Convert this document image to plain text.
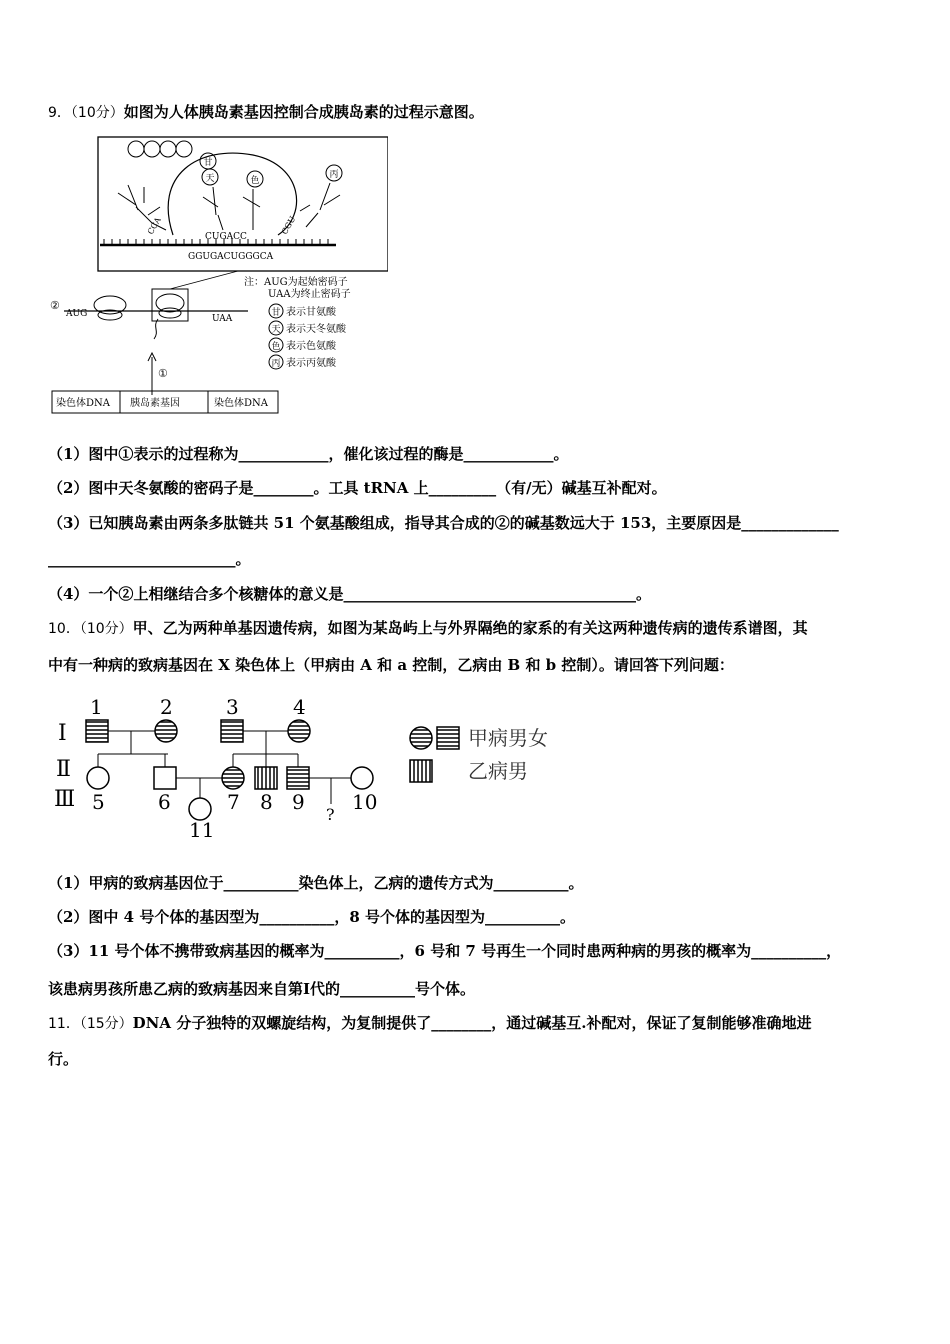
9．（10分）如图为人体胰岛素基因控制合成胰岛素的过程示意图。
甘
天	色
丙
CCA
CUGACC
CGU
GGUGACUGGGCA
注：AUG为起始密码子
UAA为终止密码子
甘 表示甘氨酸
天 表示天冬氨酸
色 表示色氨酸
丙 表示丙氨酸
②
AUG	UAA
①
染色体DNA 胰岛素基因	染色体DNA
（1）图中①表示的过程称为____________，催化该过程的酶是____________。
（2）图中天冬氨酸的密码子是________。工具 tRNA 上_________（有/无）碱基互补配对。
（3）已知胰岛素由两条多肽链共 51 个氨基酸组成，指导其合成的②的碱基数远大于 153，主要原因是_____________
_________________________。
（4）一个②上相继结合多个核糖体的意义是_______________________________________。
10．（10分）甲、乙为两种单基因遗传病，如图为某岛屿上与外界隔绝的家系的有关这两种遗传病的遗传系谱图，其
中有一种病的致病基因在 X 染色体上（甲病由 A 和 a 控制，乙病由 B 和 b 控制）。请回答下列问题：
Ⅰ
Ⅱ
Ⅲ
1	2	3	4
5	6	7 8 9 10
11
?
甲病男女
乙病男
（1）甲病的致病基因位于__________染色体上，乙病的遗传方式为__________。
（2）图中 4 号个体的基因型为__________，8 号个体的基因型为__________。
（3）11 号个体不携带致病基因的概率为__________，6 号和 7 号再生一个同时患两种病的男孩的概率为__________，
该患病男孩所患乙病的致病基因来自第Ⅰ代的__________号个体。
11．（15分）DNA 分子独特的双螺旋结构，为复制提供了________，通过碱基互.补配对，保证了复制能够准确地进
行。
